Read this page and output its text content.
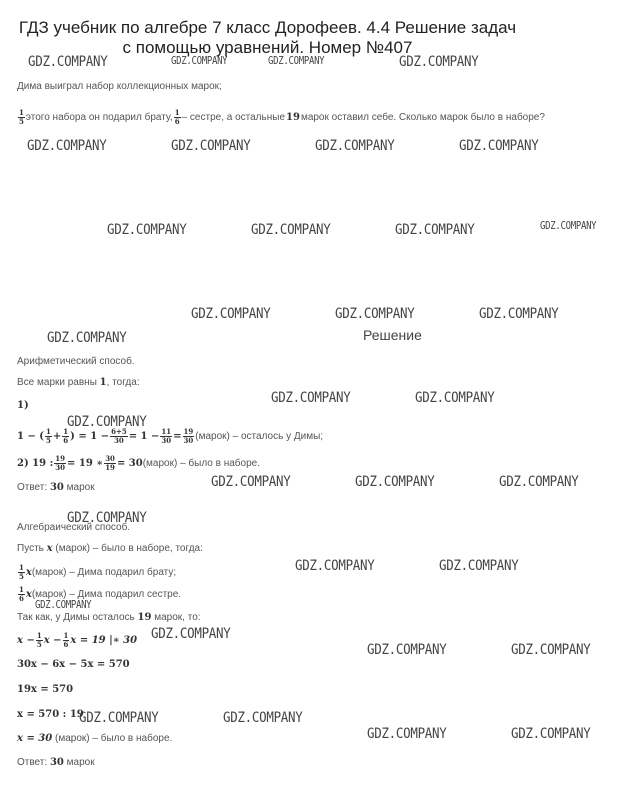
ГДЗ учебник по алгебре 7 класс Дорофеев. 4.4 Решение задач
с помощью уравнений. Номер №407
GDZ.COMPANY	GDZ.COMPANY
GDZ.COMPANY	GDZ.COMPANY
GDZ.COMPANY	GDZ.COMPANY	GDZ.COMPANY	GDZ.COMPANY
GDZ.COMPANY	GDZ.COMPANY	GDZ.COMPANY	GDZ.COMPANY
GDZ.COMPANY	GDZ.COMPANY	GDZ.COMPANY
GDZ.COMPANY
GDZ.COMPANY	GDZ.COMPANY
GDZ.COMPANY
GDZ.COMPANY	GDZ.COMPANY	GDZ.COMPANY
GDZ.COMPANY
GDZ.COMPANY	GDZ.COMPANY
GDZ.COMPANY
GDZ.COMPANY
GDZ.COMPANY	GDZ.COMPANY
GDZ.COMPANY	GDZ.COMPANY
GDZ.COMPANY	GDZ.COMPANY
Дима выиграл набор коллекционных марок;
$\frac{1}{5}$ этого набора он подарил брату, $\frac{1}{6}$ – сестре, а остальные 19 марок оставил себе. Сколько марок было в наборе?
Решение
Арифметический способ.
Все марки равны 1, тогда:
1)
1 − ( $\frac{1}{5} + \frac{1}{6}$ ) = $1 - \frac{6+5}{30} = 1 - \frac{11}{30} = \frac{19}{30}$ (марок) – осталось у Димы;
2) 19 : $\frac{19}{30} = 19$ ∗ $\frac{30}{19} = 30$ (марок) – было в наборе.
Ответ: 30 марок
Алгебраический способ.
Пусть x (марок) – было в наборе, тогда:
$\frac{1}{5}$ x (марок) – Дима подарил брату;
$\frac{1}{6}$ x (марок) – Дима подарил сестре.
Так как, у Димы осталось 19 марок, то:
$x - \frac{1}{5}$ $x - \frac{1}{6}$ x = 19 |∗ 30
30x − 6x − 5x = 570
19x = 570
x = 570 : 19
x = 30 (марок) – было в наборе.
Ответ: 30 марок
